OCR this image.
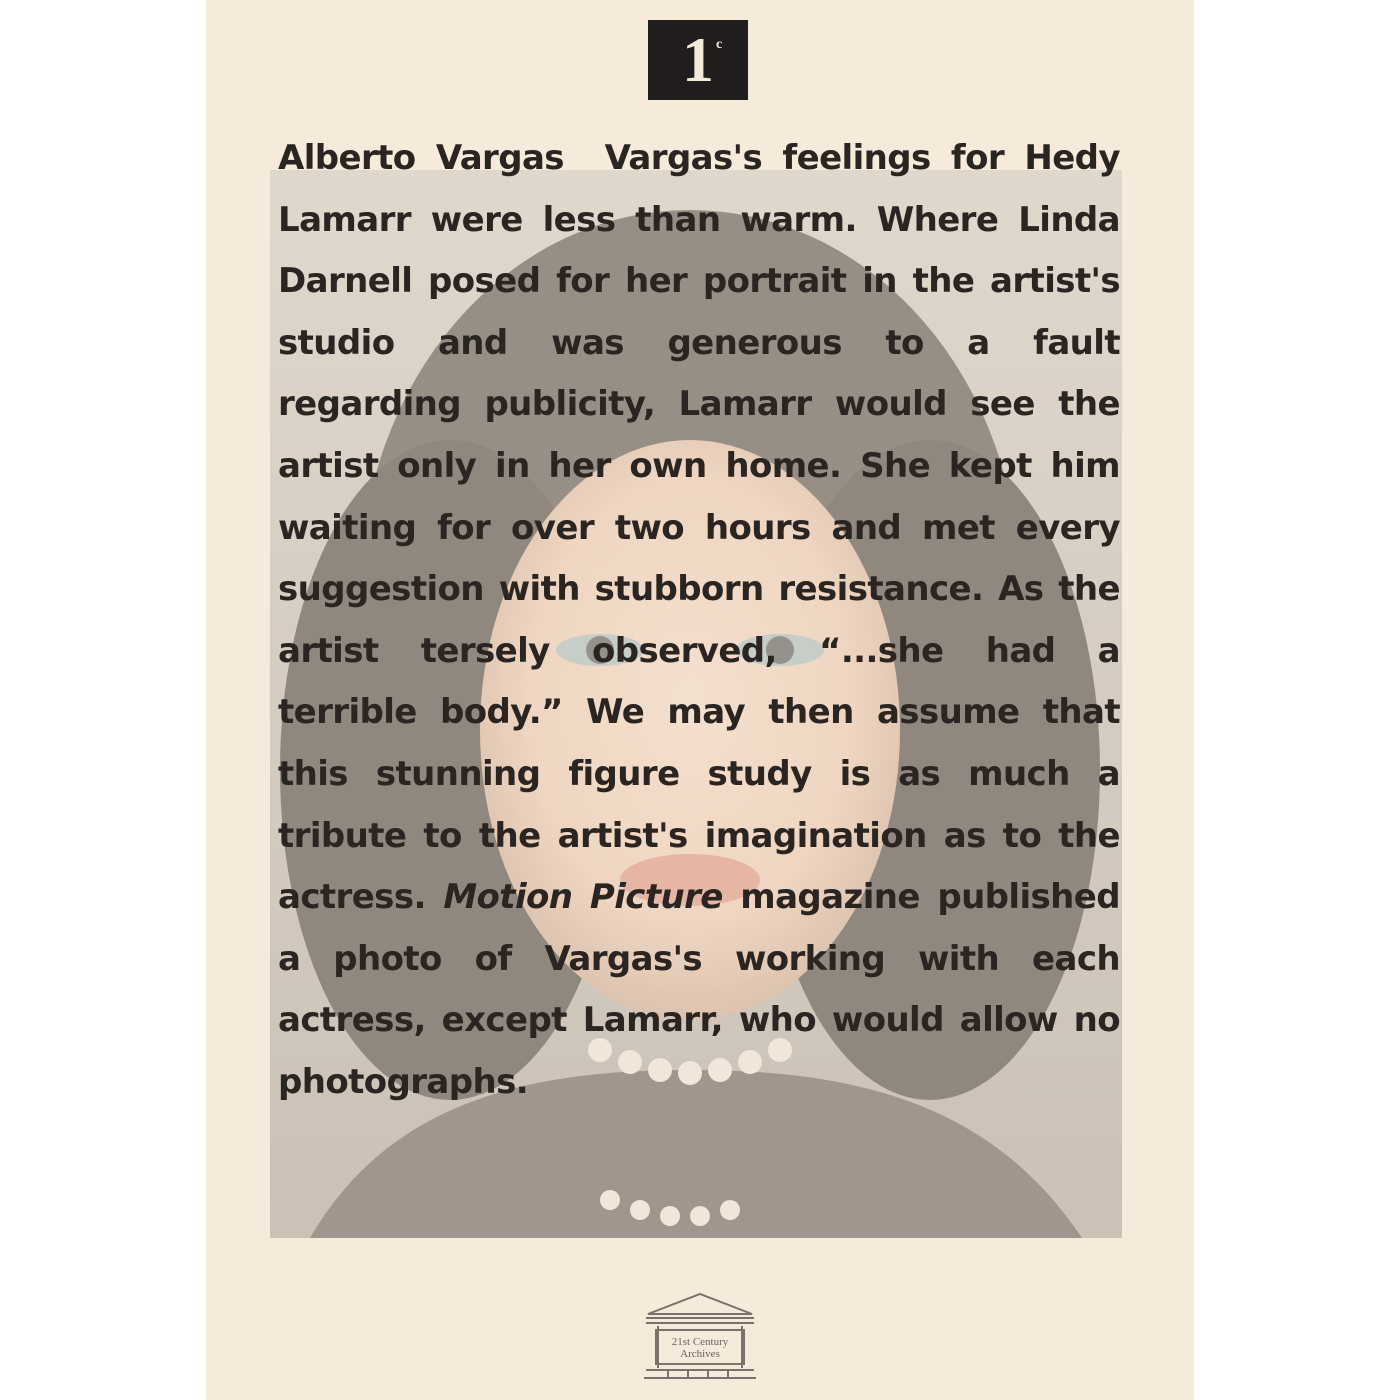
1 c
Alberto Vargas Vargas's feelings for Hedy Lamarr were less than warm. Where Linda Darnell posed for her portrait in the artist's studio and was generous to a fault regarding publicity, Lamarr would see the artist only in her own home. She kept him waiting for over two hours and met every suggestion with stubborn resistance. As the artist tersely observed, “...she had a terrible body.” We may then assume that this stunning figure study is as much a tribute to the artist's imagination as to the actress. Motion Picture magazine published a photo of Vargas's working with each actress, except Lamarr, who would allow no photographs.
21st Century
Archives
